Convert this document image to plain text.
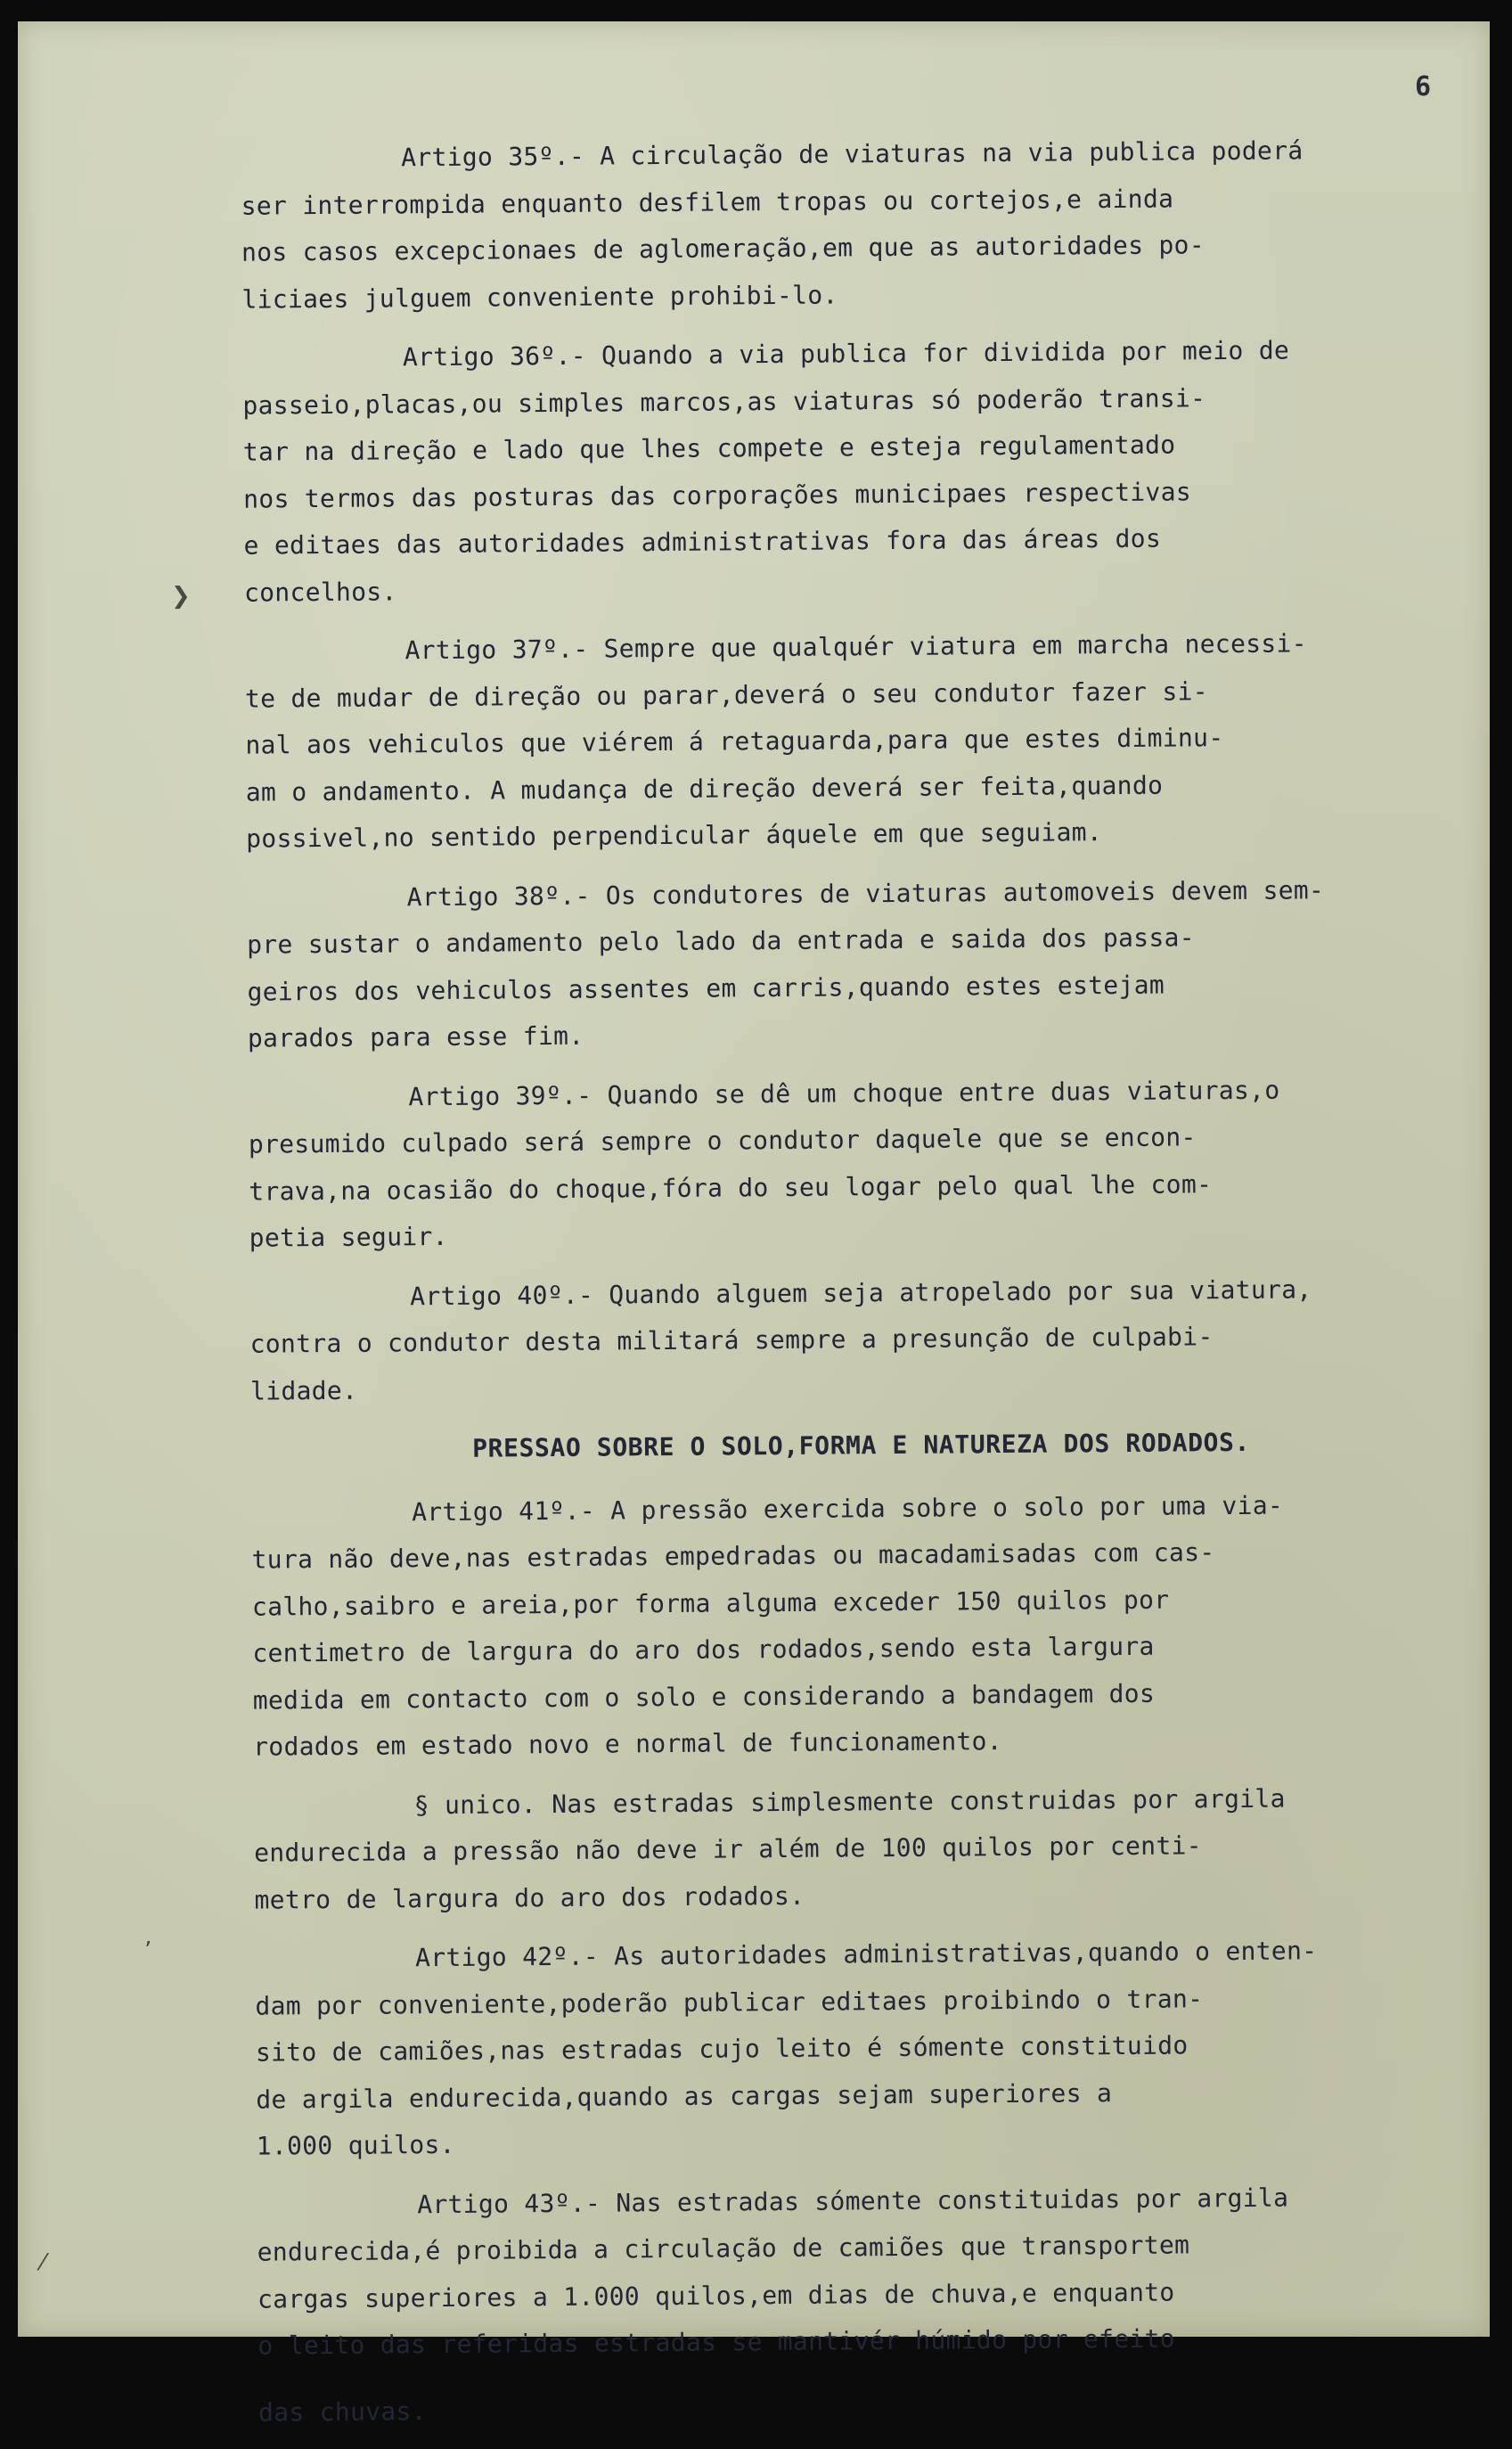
6
❯
٬
⁄
Artigo 35º.- A circulação de viaturas na via publica poderá
ser interrompida enquanto desfilem tropas ou cortejos,e ainda
nos casos excepcionaes de aglomeração,em que as autoridades po-
liciaes julguem conveniente prohibi-lo.
Artigo 36º.- Quando a via publica for dividida por meio de
passeio,placas,ou simples marcos,as viaturas só poderão transi-
tar na direção e lado que lhes compete e esteja regulamentado
nos termos das posturas das corporações municipaes respectivas
e editaes das autoridades administrativas fora das áreas dos
concelhos.
Artigo 37º.- Sempre que qualquér viatura em marcha necessi-
te de mudar de direção ou parar,deverá o seu condutor fazer si-
nal aos vehiculos que viérem á retaguarda,para que estes diminu-
am o andamento. A mudança de direção deverá ser feita,quando
possivel,no sentido perpendicular áquele em que seguiam.
Artigo 38º.- Os condutores de viaturas automoveis devem sem-
pre sustar o andamento pelo lado da entrada e saida dos passa-
geiros dos vehiculos assentes em carris,quando estes estejam
parados para esse fim.
Artigo 39º.- Quando se dê um choque entre duas viaturas,o
presumido culpado será sempre o condutor daquele que se encon-
trava,na ocasião do choque,fóra do seu logar pelo qual lhe com-
petia seguir.
Artigo 40º.- Quando alguem seja atropelado por sua viatura,
contra o condutor desta militará sempre a presunção de culpabi-
lidade.
PRESSAO SOBRE O SOLO,FORMA E NATUREZA DOS RODADOS.
Artigo 41º.- A pressão exercida sobre o solo por uma via-
tura não deve,nas estradas empedradas ou macadamisadas com cas-
calho,saibro e areia,por forma alguma exceder 150 quilos por
centimetro de largura do aro dos rodados,sendo esta largura
medida em contacto com o solo e considerando a bandagem dos
rodados em estado novo e normal de funcionamento.
§ unico. Nas estradas simplesmente construidas por argila
endurecida a pressão não deve ir além de 100 quilos por centi-
metro de largura do aro dos rodados.
Artigo 42º.- As autoridades administrativas,quando o enten-
dam por conveniente,poderão publicar editaes proibindo o tran-
sito de camiões,nas estradas cujo leito é sómente constituido
de argila endurecida,quando as cargas sejam superiores a
1.000 quilos.
Artigo 43º.- Nas estradas sómente constituidas por argila
endurecida,é proibida a circulação de camiões que transportem
cargas superiores a 1.000 quilos,em dias de chuva,e enquanto
o leito das referidas estradas se mantivér húmido por efeito
das chuvas.
